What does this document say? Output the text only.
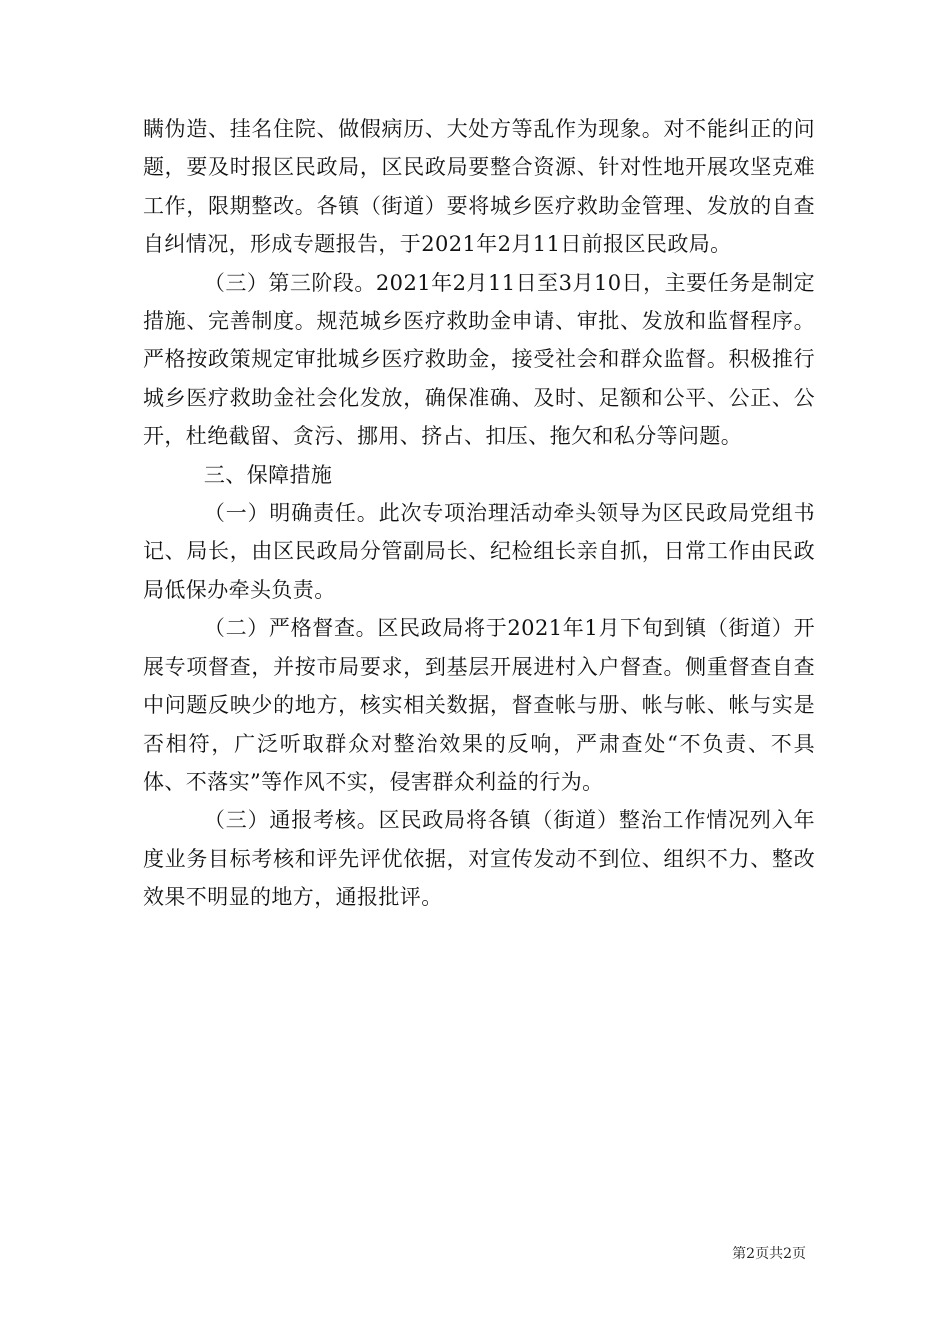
瞒伪造、挂名住院、做假病历、大处方等乱作为现象。对不能纠正的问题，要及时报区民政局，区民政局要整合资源、针对性地开展攻坚克难工作，限期整改。各镇（街道）要将城乡医疗救助金管理、发放的自查自纠情况，形成专题报告，于2021年2月11日前报区民政局。

（三）第三阶段。2021年2月11日至3月10日，主要任务是制定措施、完善制度。规范城乡医疗救助金申请、审批、发放和监督程序。严格按政策规定审批城乡医疗救助金，接受社会和群众监督。积极推行城乡医疗救助金社会化发放，确保准确、及时、足额和公平、公正、公开，杜绝截留、贪污、挪用、挤占、扣压、拖欠和私分等问题。

三、保障措施

（一）明确责任。此次专项治理活动牵头领导为区民政局党组书记、局长，由区民政局分管副局长、纪检组长亲自抓，日常工作由民政局低保办牵头负责。

（二）严格督查。区民政局将于2021年1月下旬到镇（街道）开展专项督查，并按市局要求，到基层开展进村入户督查。侧重督查自查中问题反映少的地方，核实相关数据，督查帐与册、帐与帐、帐与实是否相符，广泛听取群众对整治效果的反响，严肃查处“不负责、不具体、不落实”等作风不实，侵害群众利益的行为。

（三）通报考核。区民政局将各镇（街道）整治工作情况列入年度业务目标考核和评先评优依据，对宣传发动不到位、组织不力、整改效果不明显的地方，通报批评。

第2页共2页
